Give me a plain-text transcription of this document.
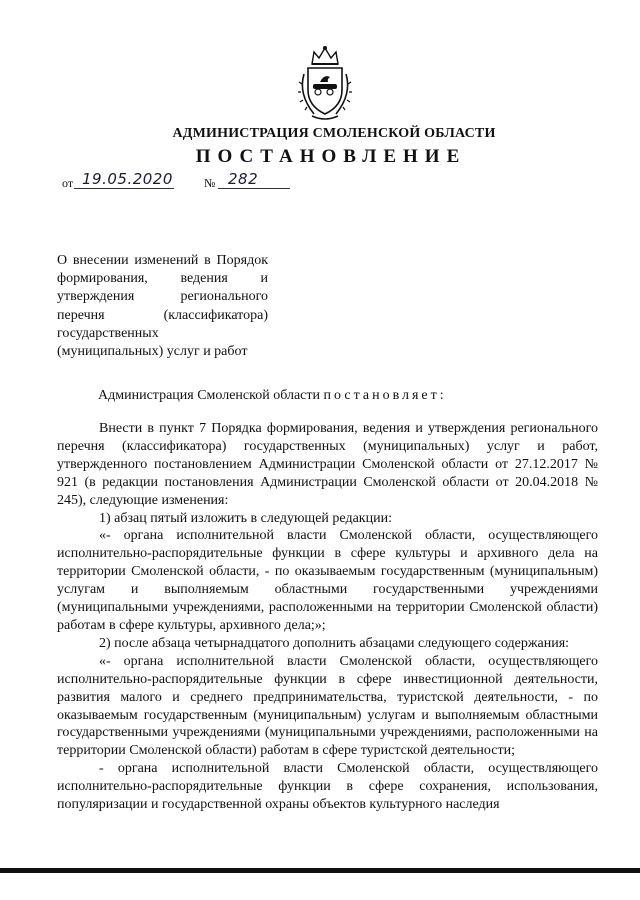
АДМИНИСТРАЦИЯ СМОЛЕНСКОЙ ОБЛАСТИ
ПОСТАНОВЛЕНИЕ
от 19.05.2020	№ 282
О внесении изменений в Порядок формирования, ведения и утверждения регионального перечня (классификатора) государственных (муниципальных) услуг и работ
Администрация Смоленской области постановляет:

Внести в пункт 7 Порядка формирования, ведения и утверждения регионального перечня (классификатора) государственных (муниципальных) услуг и работ, утвержденного постановлением Администрации Смоленской области от 27.12.2017 № 921 (в редакции постановления Администрации Смоленской области от 20.04.2018 № 245), следующие изменения:

1) абзац пятый изложить в следующей редакции:

«- органа исполнительной власти Смоленской области, осуществляющего исполнительно-распорядительные функции в сфере культуры и архивного дела на территории Смоленской области, - по оказываемым государственным (муниципальным) услугам и выполняемым областными государственными учреждениями (муниципальными учреждениями, расположенными на территории Смоленской области) работам в сфере культуры, архивного дела;»;

2) после абзаца четырнадцатого дополнить абзацами следующего содержания:

«- органа исполнительной власти Смоленской области, осуществляющего исполнительно-распорядительные функции в сфере инвестиционной деятельности, развития малого и среднего предпринимательства, туристской деятельности, - по оказываемым государственным (муниципальным) услугам и выполняемым областными государственными учреждениями (муниципальными учреждениями, расположенными на территории Смоленской области) работам в сфере туристской деятельности;

- органа исполнительной власти Смоленской области, осуществляющего исполнительно-распорядительные функции в сфере сохранения, использования, популяризации и государственной охраны объектов культурного наследия
